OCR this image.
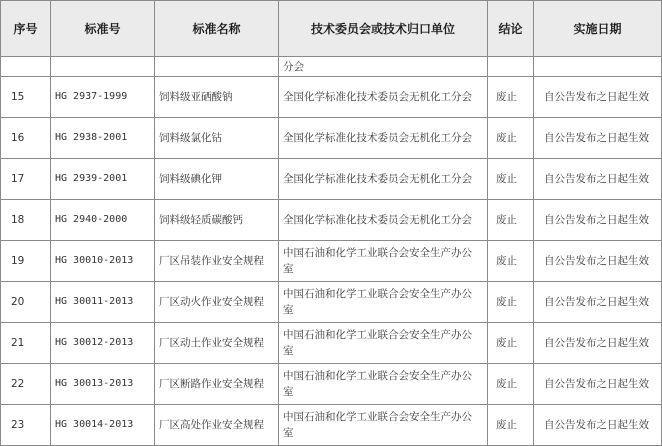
序号	标准号	标准名称	技术委员会或技术归口单位	结论	实施日期
			分会		
15	HG 2937-1999	饲料级亚硒酸钠	全国化学标准化技术委员会无机化工分会	废止	自公告发布之日起生效
16	HG 2938-2001	饲料级氯化钴	全国化学标准化技术委员会无机化工分会	废止	自公告发布之日起生效
17	HG 2939-2001	饲料级碘化钾	全国化学标准化技术委员会无机化工分会	废止	自公告发布之日起生效
18	HG 2940-2000	饲料级轻质碳酸钙	全国化学标准化技术委员会无机化工分会	废止	自公告发布之日起生效
19	HG 30010-2013	厂区吊装作业安全规程	中国石油和化学工业联合会安全生产办公室	废止	自公告发布之日起生效
20	HG 30011-2013	厂区动火作业安全规程	中国石油和化学工业联合会安全生产办公室	废止	自公告发布之日起生效
21	HG 30012-2013	厂区动土作业安全规程	中国石油和化学工业联合会安全生产办公室	废止	自公告发布之日起生效
22	HG 30013-2013	厂区断路作业安全规程	中国石油和化学工业联合会安全生产办公室	废止	自公告发布之日起生效
23	HG 30014-2013	厂区高处作业安全规程	中国石油和化学工业联合会安全生产办公室	废止	自公告发布之日起生效
